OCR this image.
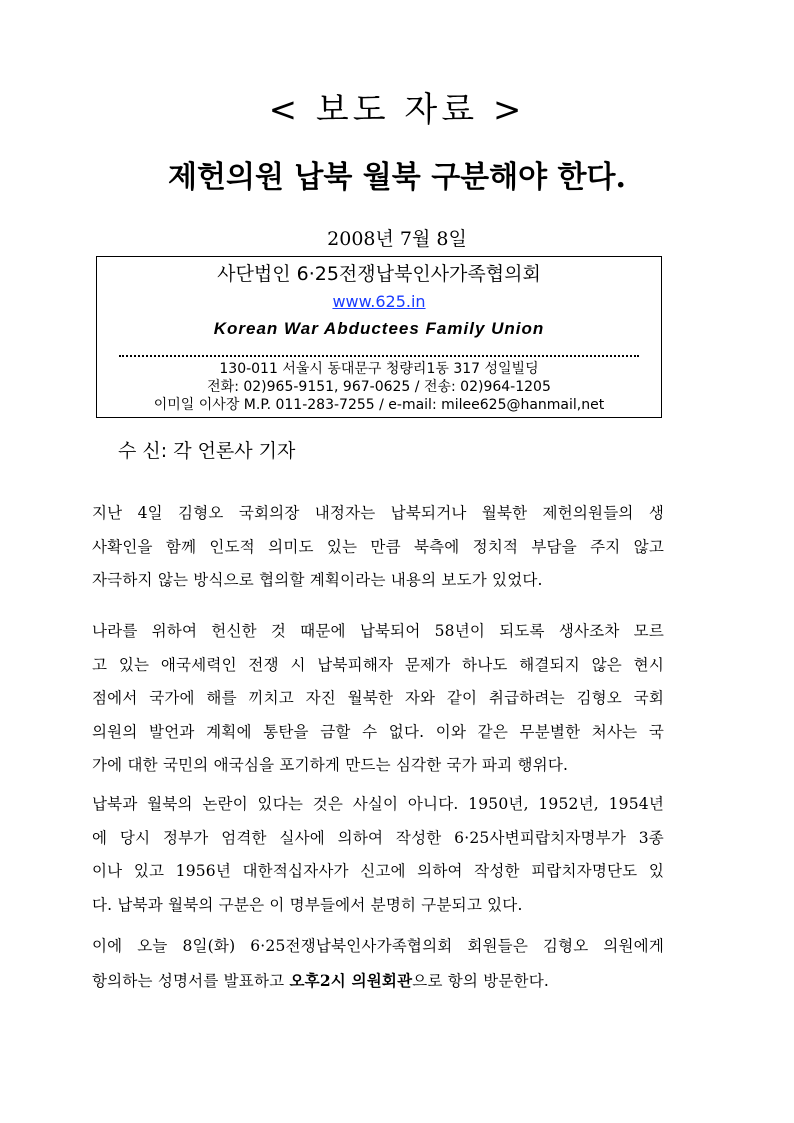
< 보도 자료 >
제헌의원 납북 월북 구분해야 한다.
2008년 7월 8일
사단법인 6·25전쟁납북인사가족협의회
www.625.in
Korean War Abductees Family Union
130-011 서울시 동대문구 청량리1동 317 성일빌딩
전화: 02)965-9151, 967-0625 / 전송: 02)964-1205
이미일 이사장 M.P. 011-283-7255 / e-mail: milee625@hanmail,net
수 신: 각 언론사 기자

지난 4일 김형오 국회의장 내정자는 납북되거나 월북한 제헌의원들의 생
사확인을 함께 인도적 의미도 있는 만큼 북측에 정치적 부담을 주지 않고
자극하지 않는 방식으로 협의할 계획이라는 내용의 보도가 있었다.

나라를 위하여 헌신한 것 때문에 납북되어 58년이 되도록 생사조차 모르
고 있는 애국세력인 전쟁 시 납북피해자 문제가 하나도 해결되지 않은 현시
점에서 국가에 해를 끼치고 자진 월북한 자와 같이 취급하려는 김형오 국회
의원의 발언과 계획에 통탄을 금할 수 없다. 이와 같은 무분별한 처사는 국
가에 대한 국민의 애국심을 포기하게 만드는 심각한 국가 파괴 행위다.

납북과 월북의 논란이 있다는 것은 사실이 아니다. 1950년, 1952년, 1954년
에 당시 정부가 엄격한 실사에 의하여 작성한 6·25사변피랍치자명부가 3종
이나 있고 1956년 대한적십자사가 신고에 의하여 작성한 피랍치자명단도 있
다. 납북과 월북의 구분은 이 명부들에서 분명히 구분되고 있다.

이에 오늘 8일(화) 6·25전쟁납북인사가족협의회 회원들은 김형오 의원에게
항의하는 성명서를 발표하고 오후2시 의원회관으로 항의 방문한다.
